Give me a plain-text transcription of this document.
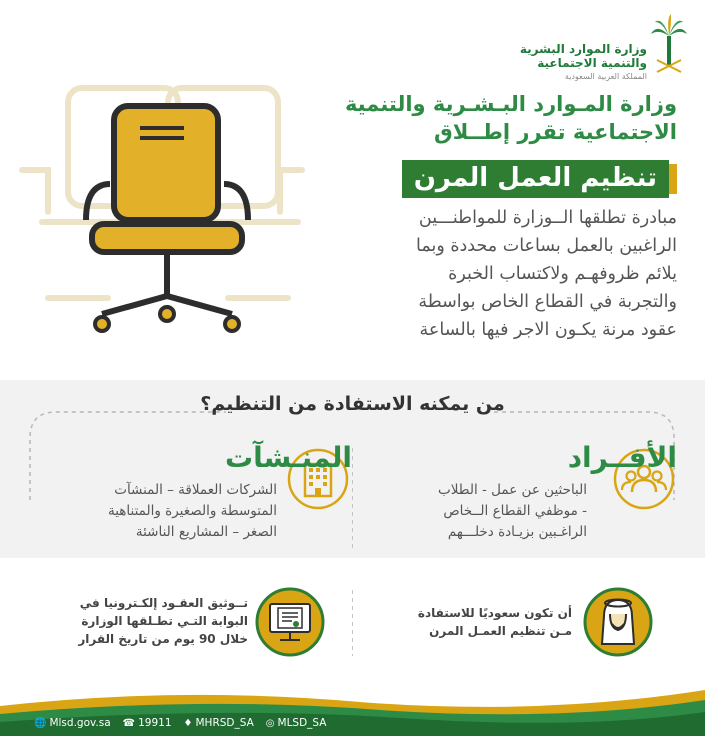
وزارة الموارد البشرية
والتنمية الاجتماعية
المملكة العربية السعودية
وزارة المـوارد البـشـرية والتنمية
الاجتماعية تقرر إطــلاق
تنظيم العمل المرن
مبادرة تطلقها الــوزارة للمواطنـــين
الراغبين بالعمل بساعات محددة وبما
يلائم ظروفهـم ولاكتساب الخبرة
والتجربة في القطاع الخاص بواسطة
عقود مرنة يكـون الاجر فيها بالساعة
من يمكنه الاستفادة من التنظيم؟
الأفــراد
الباحثين عن عمل - الطلاب
- موظفي القطاع الــخاص
الراغـبين بزيـادة دخلـــهم
المنـشآت
الشركات العملاقة – المنشآت
المتوسطة والصغيرة والمتناهية
الصغر – المشاريع الناشئة
أن تكون سعوديًا للاستفادة
مـن تنظيم العمـل المرن
تــوثيق العقـود إلكـترونيا في
البوابة التـي تطـلقها الوزارة
خلال 90 يوم من تاريخ القرار
🌐 Mlsd.gov.sa ☎ 19911 ♦ MHRSD_SA ◎ MLSD_SA
